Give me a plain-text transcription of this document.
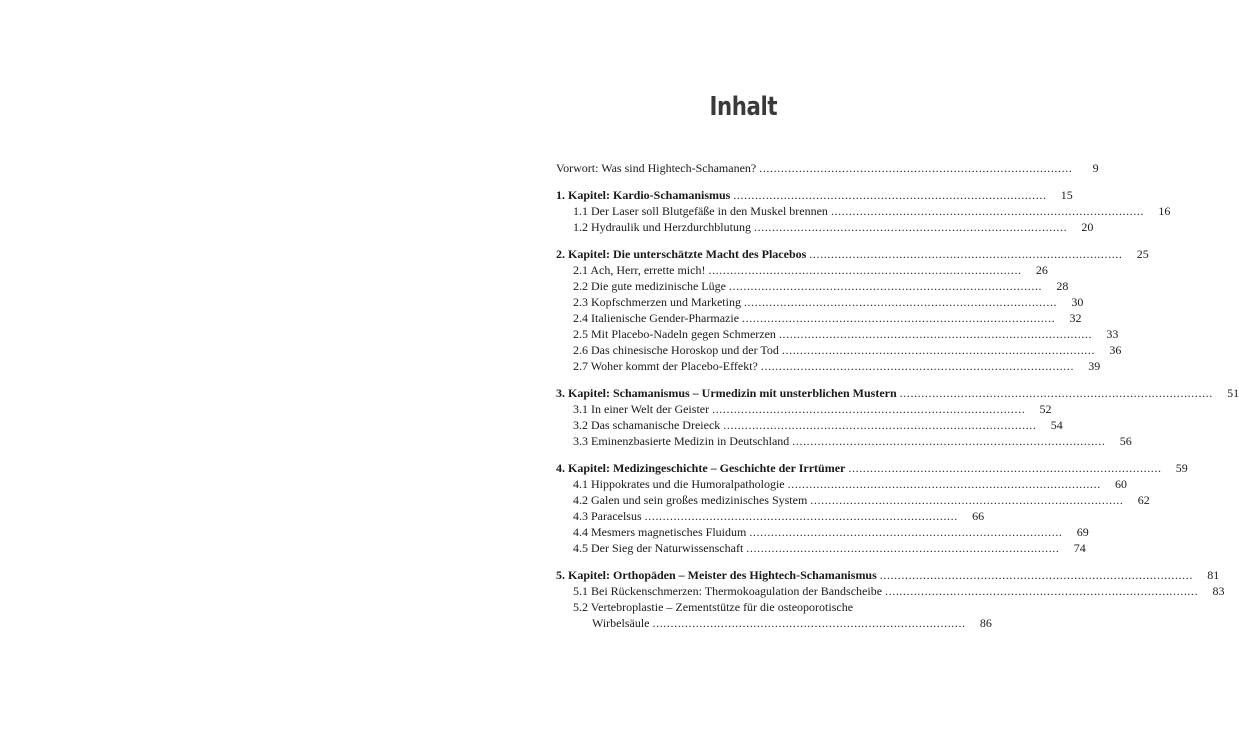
Inhalt
Vorwort: Was sind Hightech-Schamanen? . . .	9
1. Kapitel: Kardio-Schamanismus . . .	15
1.1 Der Laser soll Blutgefäße in den Muskel brennen . . .	16
1.2 Hydraulik und Herzdurchblutung . . .	20
2. Kapitel: Die unterschätzte Macht des Placebos . . .	25
2.1 Ach, Herr, errette mich! . . .	26
2.2 Die gute medizinische Lüge . . .	28
2.3 Kopfschmerzen und Marketing . . .	30
2.4 Italienische Gender-Pharmazie . . .	32
2.5 Mit Placebo-Nadeln gegen Schmerzen . . .	33
2.6 Das chinesische Horoskop und der Tod . . .	36
2.7 Woher kommt der Placebo-Effekt? . . .	39
3. Kapitel: Schamanismus – Urmedizin mit unsterblichen Mustern . . .	51
3.1 In einer Welt der Geister . . .	52
3.2 Das schamanische Dreieck . . .	54
3.3 Eminenzbasierte Medizin in Deutschland . . .	56
4. Kapitel: Medizingeschichte – Geschichte der Irrtümer . . .	59
4.1 Hippokrates und die Humoralpathologie . . .	60
4.2 Galen und sein großes medizinisches System . . .	62
4.3 Paracelsus . . .	66
4.4 Mesmers magnetisches Fluidum . . .	69
4.5 Der Sieg der Naturwissenschaft . . .	74
5. Kapitel: Orthopäden – Meister des Hightech-Schamanismus . . .	81
5.1 Bei Rückenschmerzen: Thermokoagulation der Bandscheibe . . .	83
5.2 Vertebroplastie – Zementstütze für die osteoporotische
Wirbelsäule . . .	86
